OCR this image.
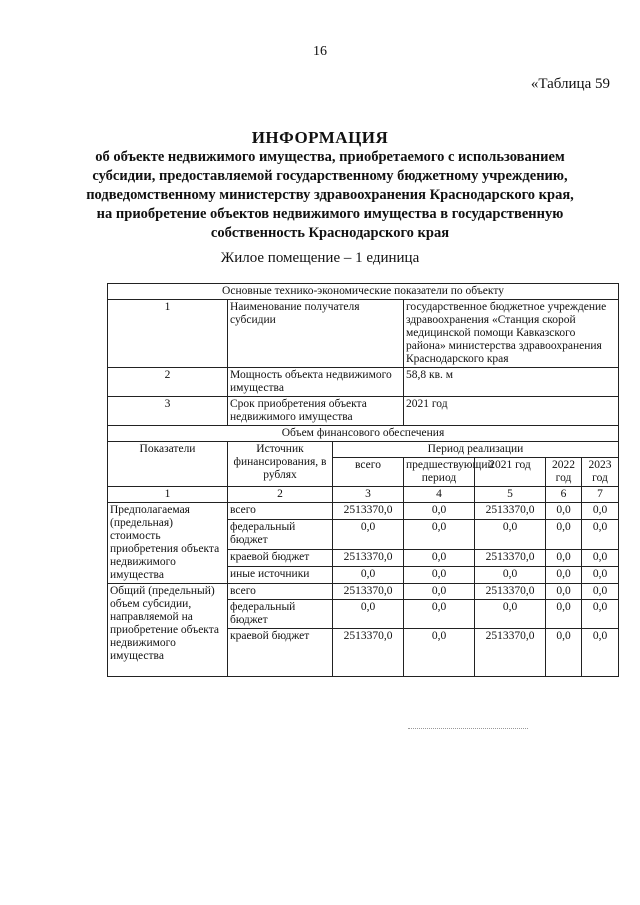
16
«Таблица 59
ИНФОРМАЦИЯ
об объекте недвижимого имущества, приобретаемого с использованием
субсидии, предоставляемой государственному бюджетному учреждению,
подведомственному министерству здравоохранения Краснодарского края,
на приобретение объектов недвижимого имущества в государственную
собственность Краснодарского края
Жилое помещение – 1 единица
Основные технико-экономические показатели по объекту						
1	Наименование получателя субсидии		государственное бюджетное учреждение здравоохранения «Станция скорой медицинской помощи Кавказского района» министерства здравоохранения Краснодарского края			
2	Мощность объекта недвижимого имущества		58,8 кв. м			
3	Срок приобретения объекта недвижимого имущества		2021 год			
Объем финансового обеспечения						
Показатели	Источник финансирования, в рублях	Период реализации				
		всего	предшествующий период	2021 год	2022 год	2023 год
1	2	3	4	5	6	7
Предполагаемая (предельная) стоимость приобретения объекта недвижимого имущества	всего	2513370,0	0,0	2513370,0	0,0	0,0
	федеральный бюджет	0,0	0,0	0,0	0,0	0,0
	краевой бюджет	2513370,0	0,0	2513370,0	0,0	0,0
	иные источники	0,0	0,0	0,0	0,0	0,0
Общий (предельный) объем субсидии, направляемой на приобретение объекта недвижимого имущества	всего	2513370,0	0,0	2513370,0	0,0	0,0
	федеральный бюджет	0,0	0,0	0,0	0,0	0,0
	краевой бюджет	2513370,0	0,0	2513370,0	0,0	0,0
